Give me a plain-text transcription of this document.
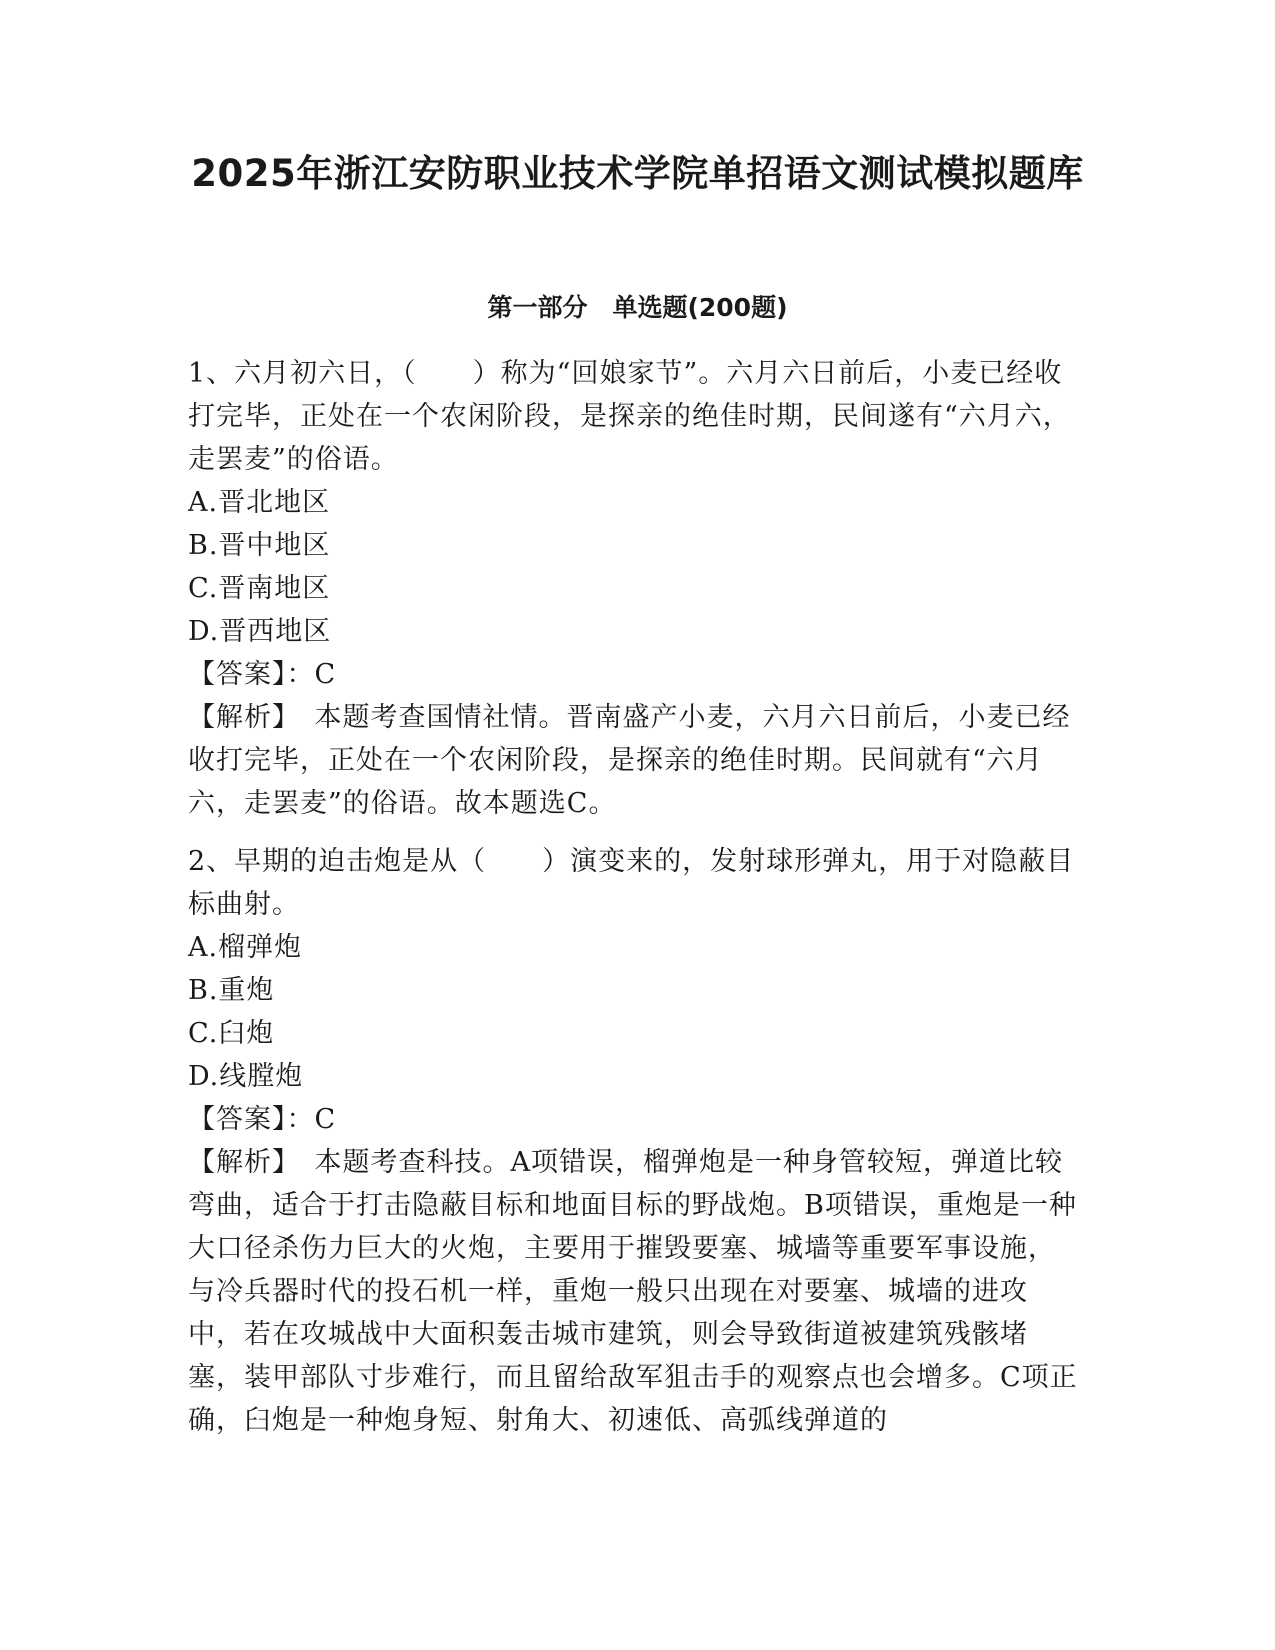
2025年浙江安防职业技术学院单招语文测试模拟题库
第一部分　单选题(200题)

1、六月初六日，（　　）称为“回娘家节”。六月六日前后，小麦已经收打完毕，正处在一个农闲阶段，是探亲的绝佳时期，民间遂有“六月六，走罢麦”的俗语。

A.晋北地区

B.晋中地区

C.晋南地区

D.晋西地区

【答案】：C

【解析】　本题考查国情社情。晋南盛产小麦，六月六日前后，小麦已经收打完毕，正处在一个农闲阶段，是探亲的绝佳时期。民间就有“六月六，走罢麦”的俗语。故本题选C。

2、早期的迫击炮是从（　　）演变来的，发射球形弹丸，用于对隐蔽目标曲射。

A.榴弹炮

B.重炮

C.臼炮

D.线膛炮

【答案】：C

【解析】　本题考查科技。A项错误，榴弹炮是一种身管较短，弹道比较弯曲，适合于打击隐蔽目标和地面目标的野战炮。B项错误，重炮是一种大口径杀伤力巨大的火炮，主要用于摧毁要塞、城墙等重要军事设施，与冷兵器时代的投石机一样，重炮一般只出现在对要塞、城墙的进攻中，若在攻城战中大面积轰击城市建筑，则会导致街道被建筑残骸堵塞，装甲部队寸步难行，而且留给敌军狙击手的观察点也会增多。C项正确，臼炮是一种炮身短、射角大、初速低、高弧线弹道的
